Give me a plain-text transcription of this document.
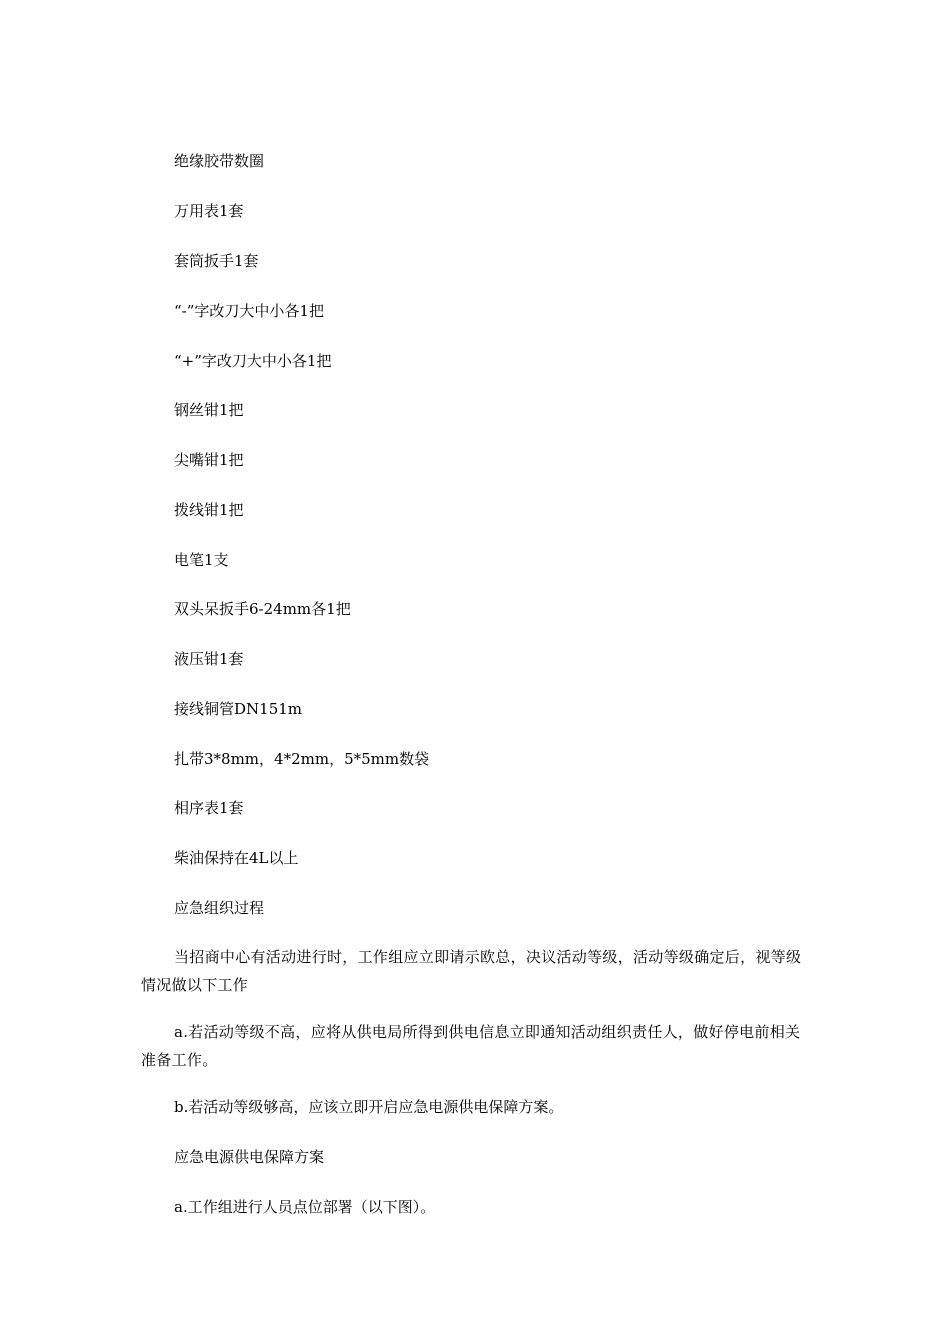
绝缘胶带数圈
万用表1套
套筒扳手1套
“-”字改刀大中小各1把
“+”字改刀大中小各1把
钢丝钳1把
尖嘴钳1把
拨线钳1把
电笔1支
双头呆扳手6-24mm各1把
液压钳1套
接线铜管DN151m
扎带3*8mm，4*2mm，5*5mm数袋
相序表1套
柴油保持在4L以上
应急组织过程
当招商中心有活动进行时，工作组应立即请示欧总，决议活动等级，活动等级确定后，视等级情况做以下工作
a.若活动等级不高，应将从供电局所得到供电信息立即通知活动组织责任人，做好停电前相关准备工作。
b.若活动等级够高，应该立即开启应急电源供电保障方案。
应急电源供电保障方案
a.工作组进行人员点位部署（以下图）。
